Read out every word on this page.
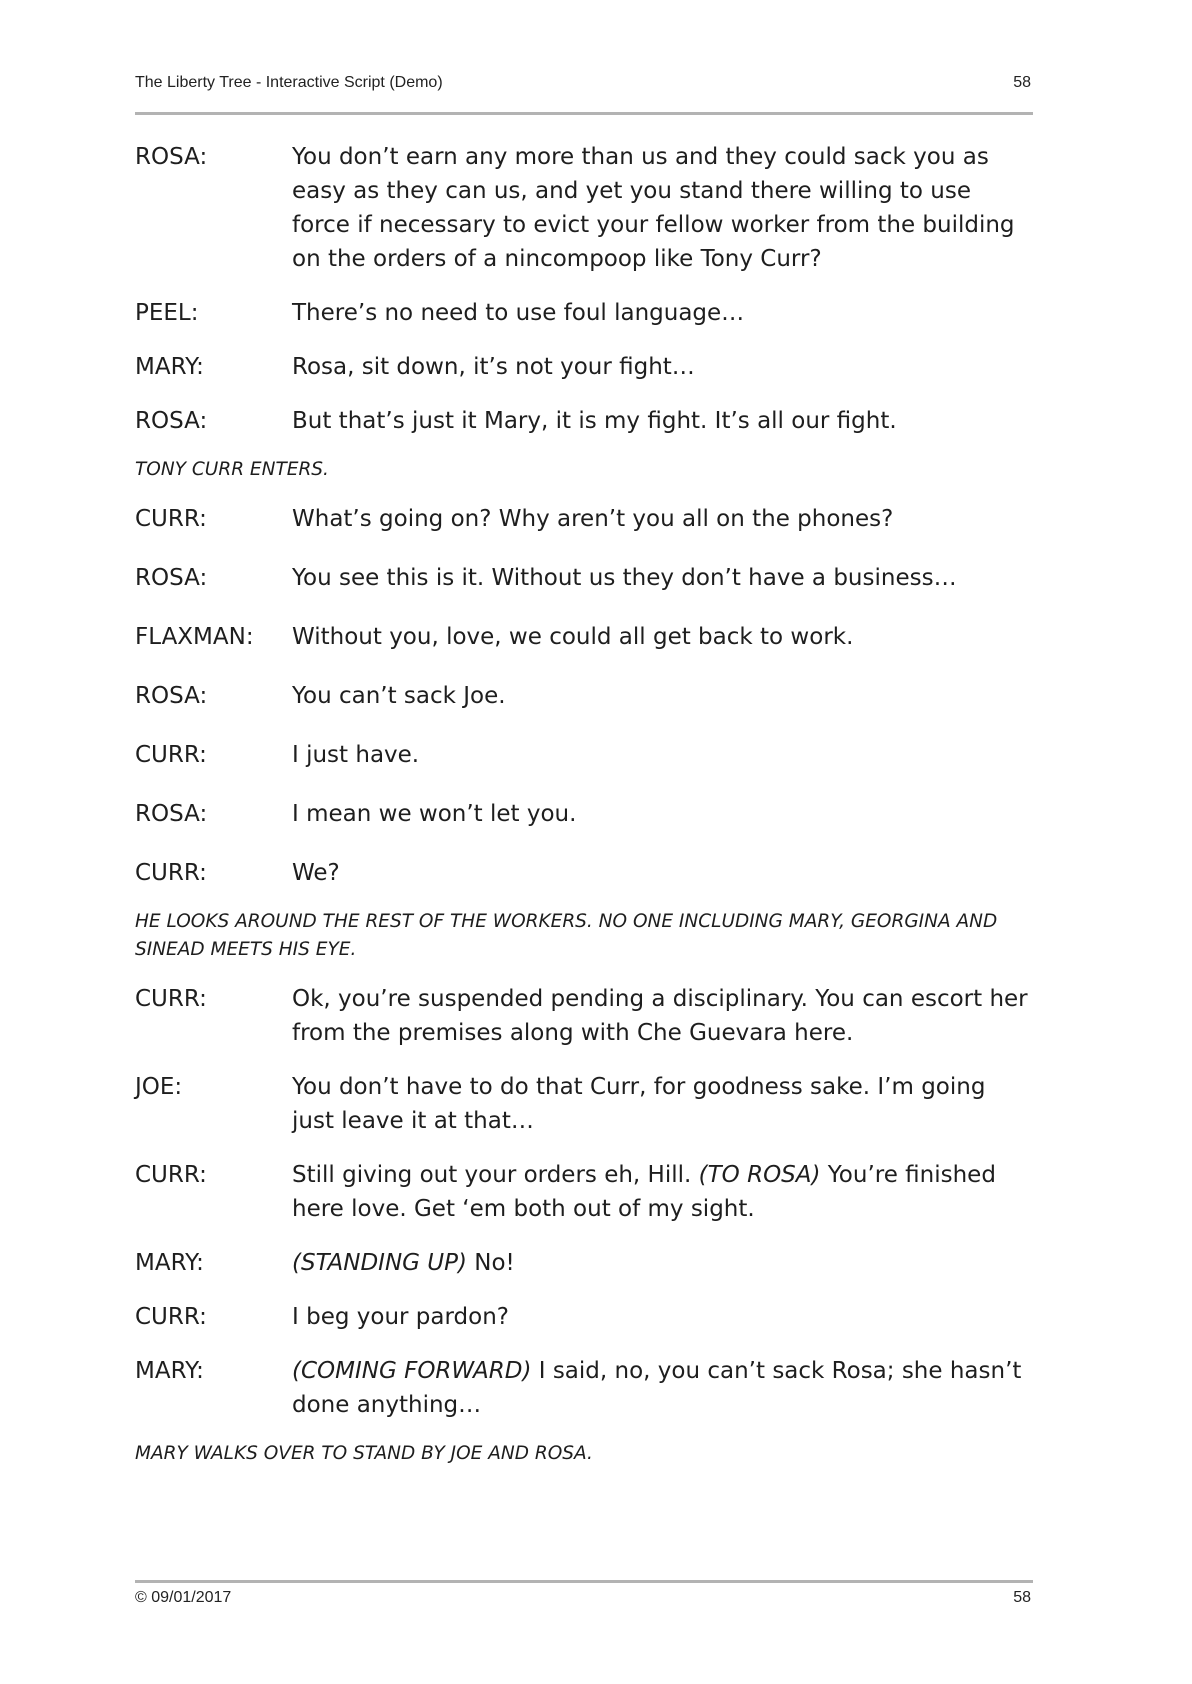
The Liberty Tree - Interactive Script (Demo)	58
ROSA:	You don’t earn any more than us and they could sack you as easy as they can us, and yet you stand there willing to use force if necessary to evict your fellow worker from the building on the orders of a nincompoop like Tony Curr?
PEEL:	There’s no need to use foul language…
MARY:	Rosa, sit down, it’s not your fight…
ROSA:	But that’s just it Mary, it is my fight. It’s all our fight.
TONY CURR ENTERS.
CURR:	What’s going on? Why aren’t you all on the phones?
ROSA:	You see this is it. Without us they don’t have a business…
FLAXMAN:	Without you, love, we could all get back to work.
ROSA:	You can’t sack Joe.
CURR:	I just have.
ROSA:	I mean we won’t let you.
CURR:	We?
HE LOOKS AROUND THE REST OF THE WORKERS. NO ONE INCLUDING MARY, GEORGINA AND SINEAD MEETS HIS EYE.
CURR:	Ok, you’re suspended pending a disciplinary. You can escort her from the premises along with Che Guevara here.
JOE:	You don’t have to do that Curr, for goodness sake. I’m going just leave it at that…
CURR:	Still giving out your orders eh, Hill. (TO ROSA) You’re finished here love. Get ‘em both out of my sight.
MARY:	(STANDING UP) No!
CURR:	I beg your pardon?
MARY:	(COMING FORWARD) I said, no, you can’t sack Rosa; she hasn’t done anything…
MARY WALKS OVER TO STAND BY JOE AND ROSA.
© 09/01/2017	58
